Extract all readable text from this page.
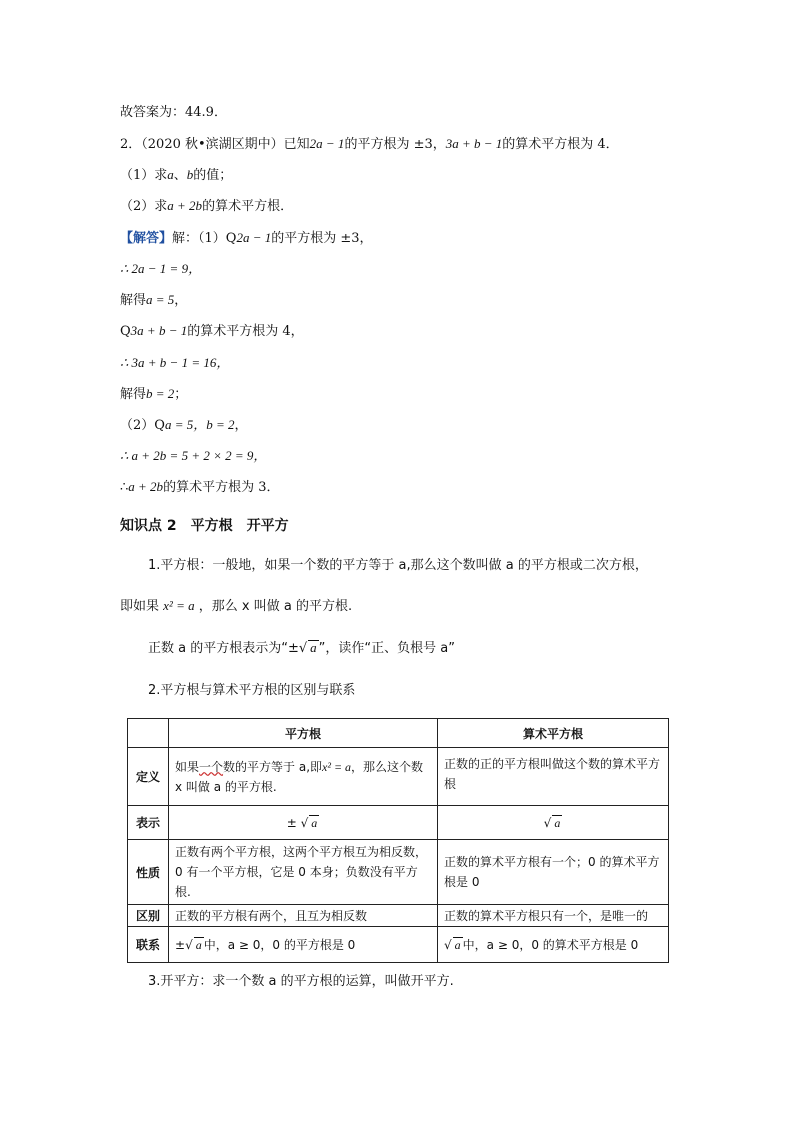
故答案为：44.9．
2．（2020 秋•滨湖区期中）已知2a − 1的平方根为 ±3，3a + b − 1的算术平方根为 4．
（1）求a、b的值；
（2）求a + 2b的算术平方根．
【解答】解：（1）Q2a − 1的平方根为 ±3，
∴ 2a − 1 = 9，
解得a = 5，
Q3a + b − 1的算术平方根为 4，
∴ 3a + b − 1 = 16，
解得b = 2；
（2）Qa = 5，b = 2，
∴ a + 2b = 5 + 2 × 2 = 9，
∴a + 2b的算术平方根为 3．
知识点 2 平方根 开平方
1.平方根：一般地，如果一个数的平方等于 a,那么这个数叫做 a 的平方根或二次方根，
即如果 x² = a ，那么 x 叫做 a 的平方根.
正数 a 的平方根表示为“±√ a ”，读作“正、负根号 a”
2.平方根与算术平方根的区别与联系
	平方根	算术平方根
定义	如果一个数的平方等于 a,即x² = a，那么这个数 x 叫做 a 的平方根.	正数的正的平方根叫做这个数的算术平方根
表示	± √ a	√ a
性质	正数有两个平方根，这两个平方根互为相反数，0 有一个平方根，它是 0 本身；负数没有平方根.	正数的算术平方根有一个；0 的算术平方根是 0
区别	正数的平方根有两个，且互为相反数	正数的算术平方根只有一个，是唯一的
联系	±√ a 中，a ≥ 0，0 的平方根是 0	√ a 中，a ≥ 0，0 的算术平方根是 0
3.开平方：求一个数 a 的平方根的运算，叫做开平方.
